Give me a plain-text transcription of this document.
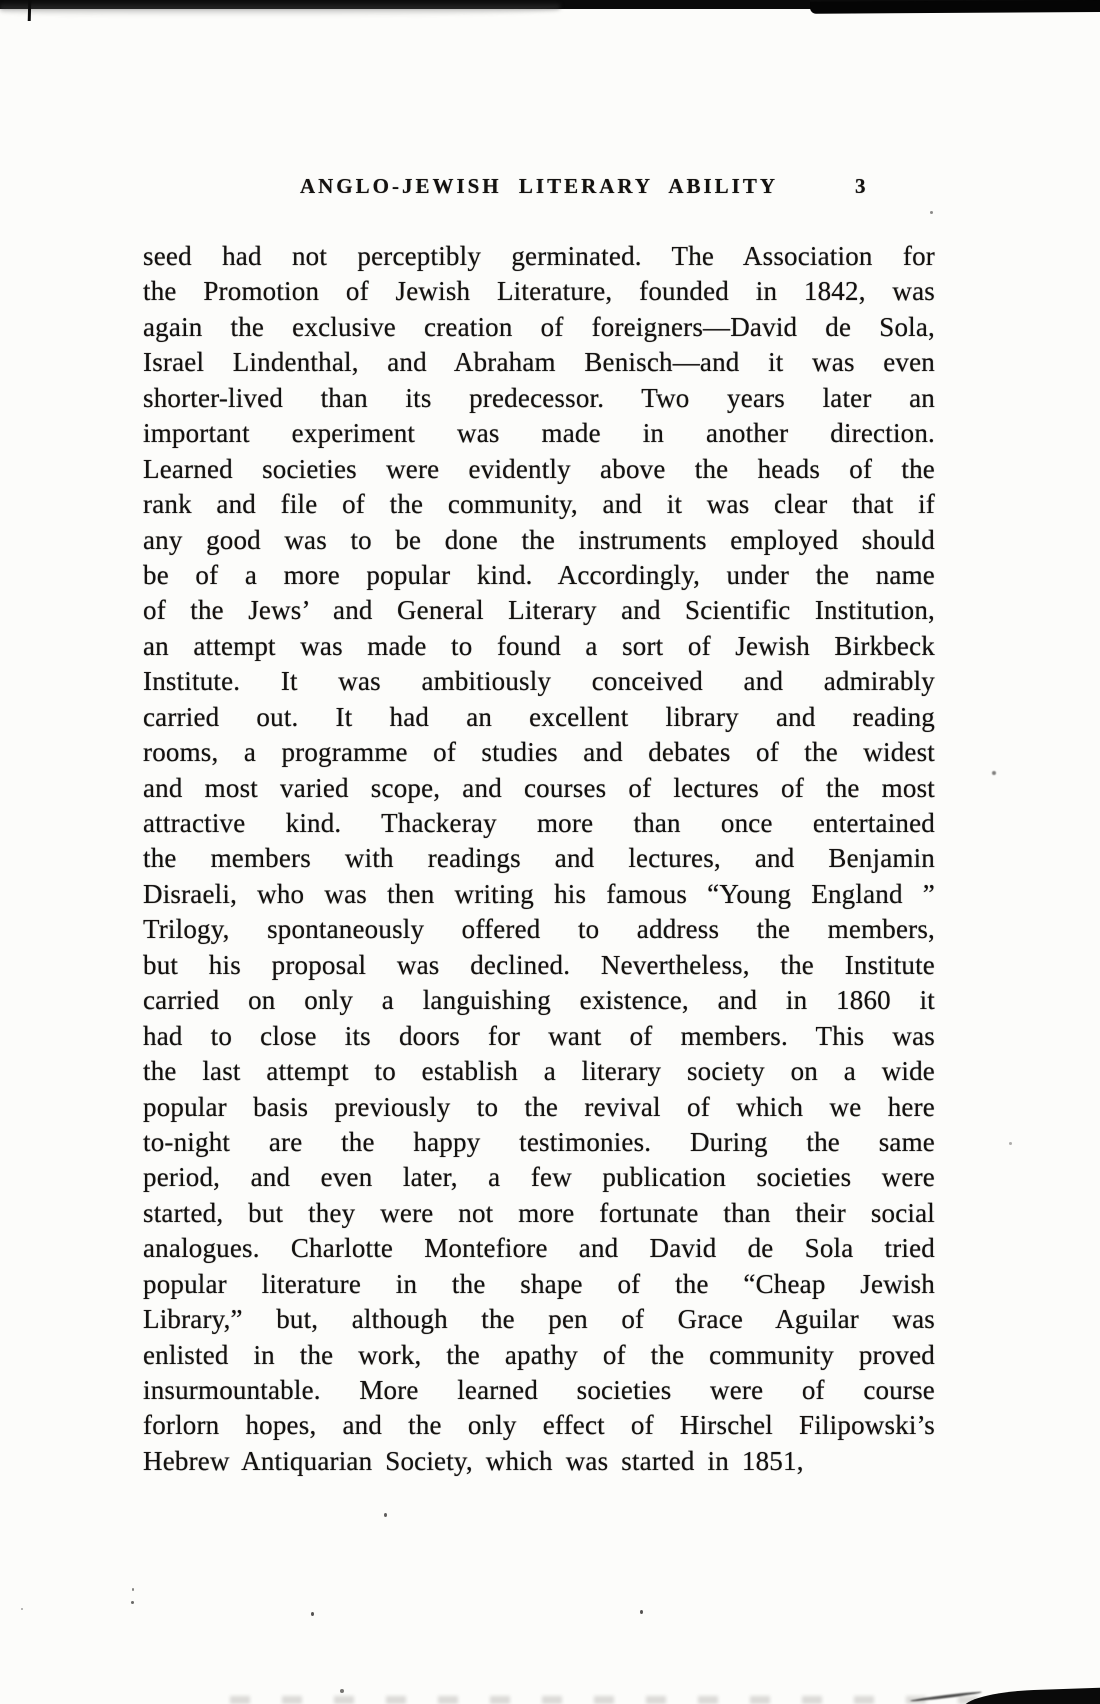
ANGLO-JEWISH LITERARY ABILITY	3
seed had not perceptibly germinated. The Association for
the Promotion of Jewish Literature, founded in 1842, was
again the exclusive creation of foreigners—David de Sola,
Israel Lindenthal, and Abraham Benisch—and it was even
shorter-lived than its predecessor. Two years later an
important experiment was made in another direction.
Learned societies were evidently above the heads of the
rank and file of the community, and it was clear that if
any good was to be done the instruments employed should
be of a more popular kind. Accordingly, under the name
of the Jews’ and General Literary and Scientific Institution,
an attempt was made to found a sort of Jewish Birkbeck
Institute. It was ambitiously conceived and admirably
carried out. It had an excellent library and reading
rooms, a programme of studies and debates of the widest
and most varied scope, and courses of lectures of the most
attractive kind. Thackeray more than once entertained
the members with readings and lectures, and Benjamin
Disraeli, who was then writing his famous “Young England ”
Trilogy, spontaneously offered to address the members,
but his proposal was declined. Nevertheless, the Institute
carried on only a languishing existence, and in 1860 it
had to close its doors for want of members. This was
the last attempt to establish a literary society on a wide
popular basis previously to the revival of which we here
to-night are the happy testimonies. During the same
period, and even later, a few publication societies were
started, but they were not more fortunate than their social
analogues. Charlotte Montefiore and David de Sola tried
popular literature in the shape of the “Cheap Jewish
Library,” but, although the pen of Grace Aguilar was
enlisted in the work, the apathy of the community proved
insurmountable. More learned societies were of course
forlorn hopes, and the only effect of Hirschel Filipowski’s
Hebrew Antiquarian Society, which was started in 1851,
